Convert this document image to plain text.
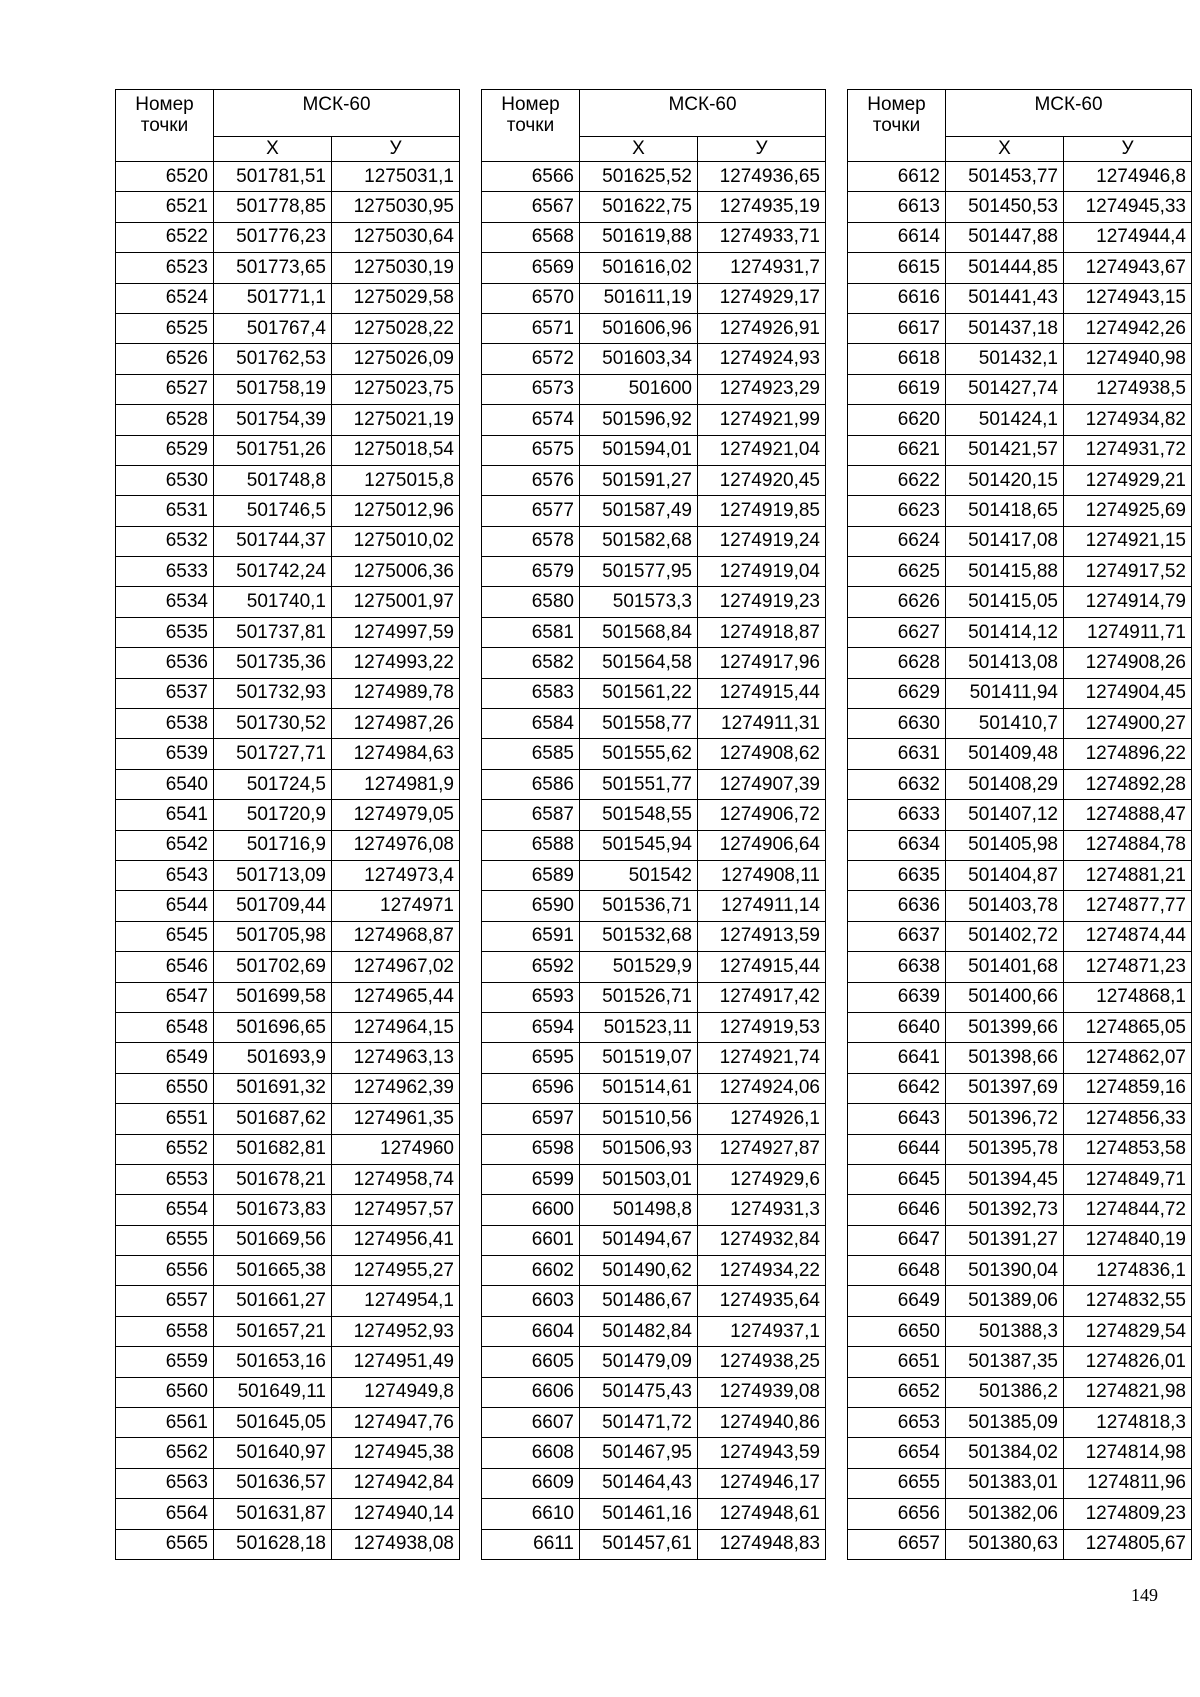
Номер
точки	МСК-60	
	X	У
6520	501781,51	1275031,1
6521	501778,85	1275030,95
6522	501776,23	1275030,64
6523	501773,65	1275030,19
6524	501771,1	1275029,58
6525	501767,4	1275028,22
6526	501762,53	1275026,09
6527	501758,19	1275023,75
6528	501754,39	1275021,19
6529	501751,26	1275018,54
6530	501748,8	1275015,8
6531	501746,5	1275012,96
6532	501744,37	1275010,02
6533	501742,24	1275006,36
6534	501740,1	1275001,97
6535	501737,81	1274997,59
6536	501735,36	1274993,22
6537	501732,93	1274989,78
6538	501730,52	1274987,26
6539	501727,71	1274984,63
6540	501724,5	1274981,9
6541	501720,9	1274979,05
6542	501716,9	1274976,08
6543	501713,09	1274973,4
6544	501709,44	1274971
6545	501705,98	1274968,87
6546	501702,69	1274967,02
6547	501699,58	1274965,44
6548	501696,65	1274964,15
6549	501693,9	1274963,13
6550	501691,32	1274962,39
6551	501687,62	1274961,35
6552	501682,81	1274960
6553	501678,21	1274958,74
6554	501673,83	1274957,57
6555	501669,56	1274956,41
6556	501665,38	1274955,27
6557	501661,27	1274954,1
6558	501657,21	1274952,93
6559	501653,16	1274951,49
6560	501649,11	1274949,8
6561	501645,05	1274947,76
6562	501640,97	1274945,38
6563	501636,57	1274942,84
6564	501631,87	1274940,14
6565	501628,18	1274938,08
Номер
точки	МСК-60	
	X	У
6566	501625,52	1274936,65
6567	501622,75	1274935,19
6568	501619,88	1274933,71
6569	501616,02	1274931,7
6570	501611,19	1274929,17
6571	501606,96	1274926,91
6572	501603,34	1274924,93
6573	501600	1274923,29
6574	501596,92	1274921,99
6575	501594,01	1274921,04
6576	501591,27	1274920,45
6577	501587,49	1274919,85
6578	501582,68	1274919,24
6579	501577,95	1274919,04
6580	501573,3	1274919,23
6581	501568,84	1274918,87
6582	501564,58	1274917,96
6583	501561,22	1274915,44
6584	501558,77	1274911,31
6585	501555,62	1274908,62
6586	501551,77	1274907,39
6587	501548,55	1274906,72
6588	501545,94	1274906,64
6589	501542	1274908,11
6590	501536,71	1274911,14
6591	501532,68	1274913,59
6592	501529,9	1274915,44
6593	501526,71	1274917,42
6594	501523,11	1274919,53
6595	501519,07	1274921,74
6596	501514,61	1274924,06
6597	501510,56	1274926,1
6598	501506,93	1274927,87
6599	501503,01	1274929,6
6600	501498,8	1274931,3
6601	501494,67	1274932,84
6602	501490,62	1274934,22
6603	501486,67	1274935,64
6604	501482,84	1274937,1
6605	501479,09	1274938,25
6606	501475,43	1274939,08
6607	501471,72	1274940,86
6608	501467,95	1274943,59
6609	501464,43	1274946,17
6610	501461,16	1274948,61
6611	501457,61	1274948,83
Номер
точки	МСК-60	
	X	У
6612	501453,77	1274946,8
6613	501450,53	1274945,33
6614	501447,88	1274944,4
6615	501444,85	1274943,67
6616	501441,43	1274943,15
6617	501437,18	1274942,26
6618	501432,1	1274940,98
6619	501427,74	1274938,5
6620	501424,1	1274934,82
6621	501421,57	1274931,72
6622	501420,15	1274929,21
6623	501418,65	1274925,69
6624	501417,08	1274921,15
6625	501415,88	1274917,52
6626	501415,05	1274914,79
6627	501414,12	1274911,71
6628	501413,08	1274908,26
6629	501411,94	1274904,45
6630	501410,7	1274900,27
6631	501409,48	1274896,22
6632	501408,29	1274892,28
6633	501407,12	1274888,47
6634	501405,98	1274884,78
6635	501404,87	1274881,21
6636	501403,78	1274877,77
6637	501402,72	1274874,44
6638	501401,68	1274871,23
6639	501400,66	1274868,1
6640	501399,66	1274865,05
6641	501398,66	1274862,07
6642	501397,69	1274859,16
6643	501396,72	1274856,33
6644	501395,78	1274853,58
6645	501394,45	1274849,71
6646	501392,73	1274844,72
6647	501391,27	1274840,19
6648	501390,04	1274836,1
6649	501389,06	1274832,55
6650	501388,3	1274829,54
6651	501387,35	1274826,01
6652	501386,2	1274821,98
6653	501385,09	1274818,3
6654	501384,02	1274814,98
6655	501383,01	1274811,96
6656	501382,06	1274809,23
6657	501380,63	1274805,67
149
